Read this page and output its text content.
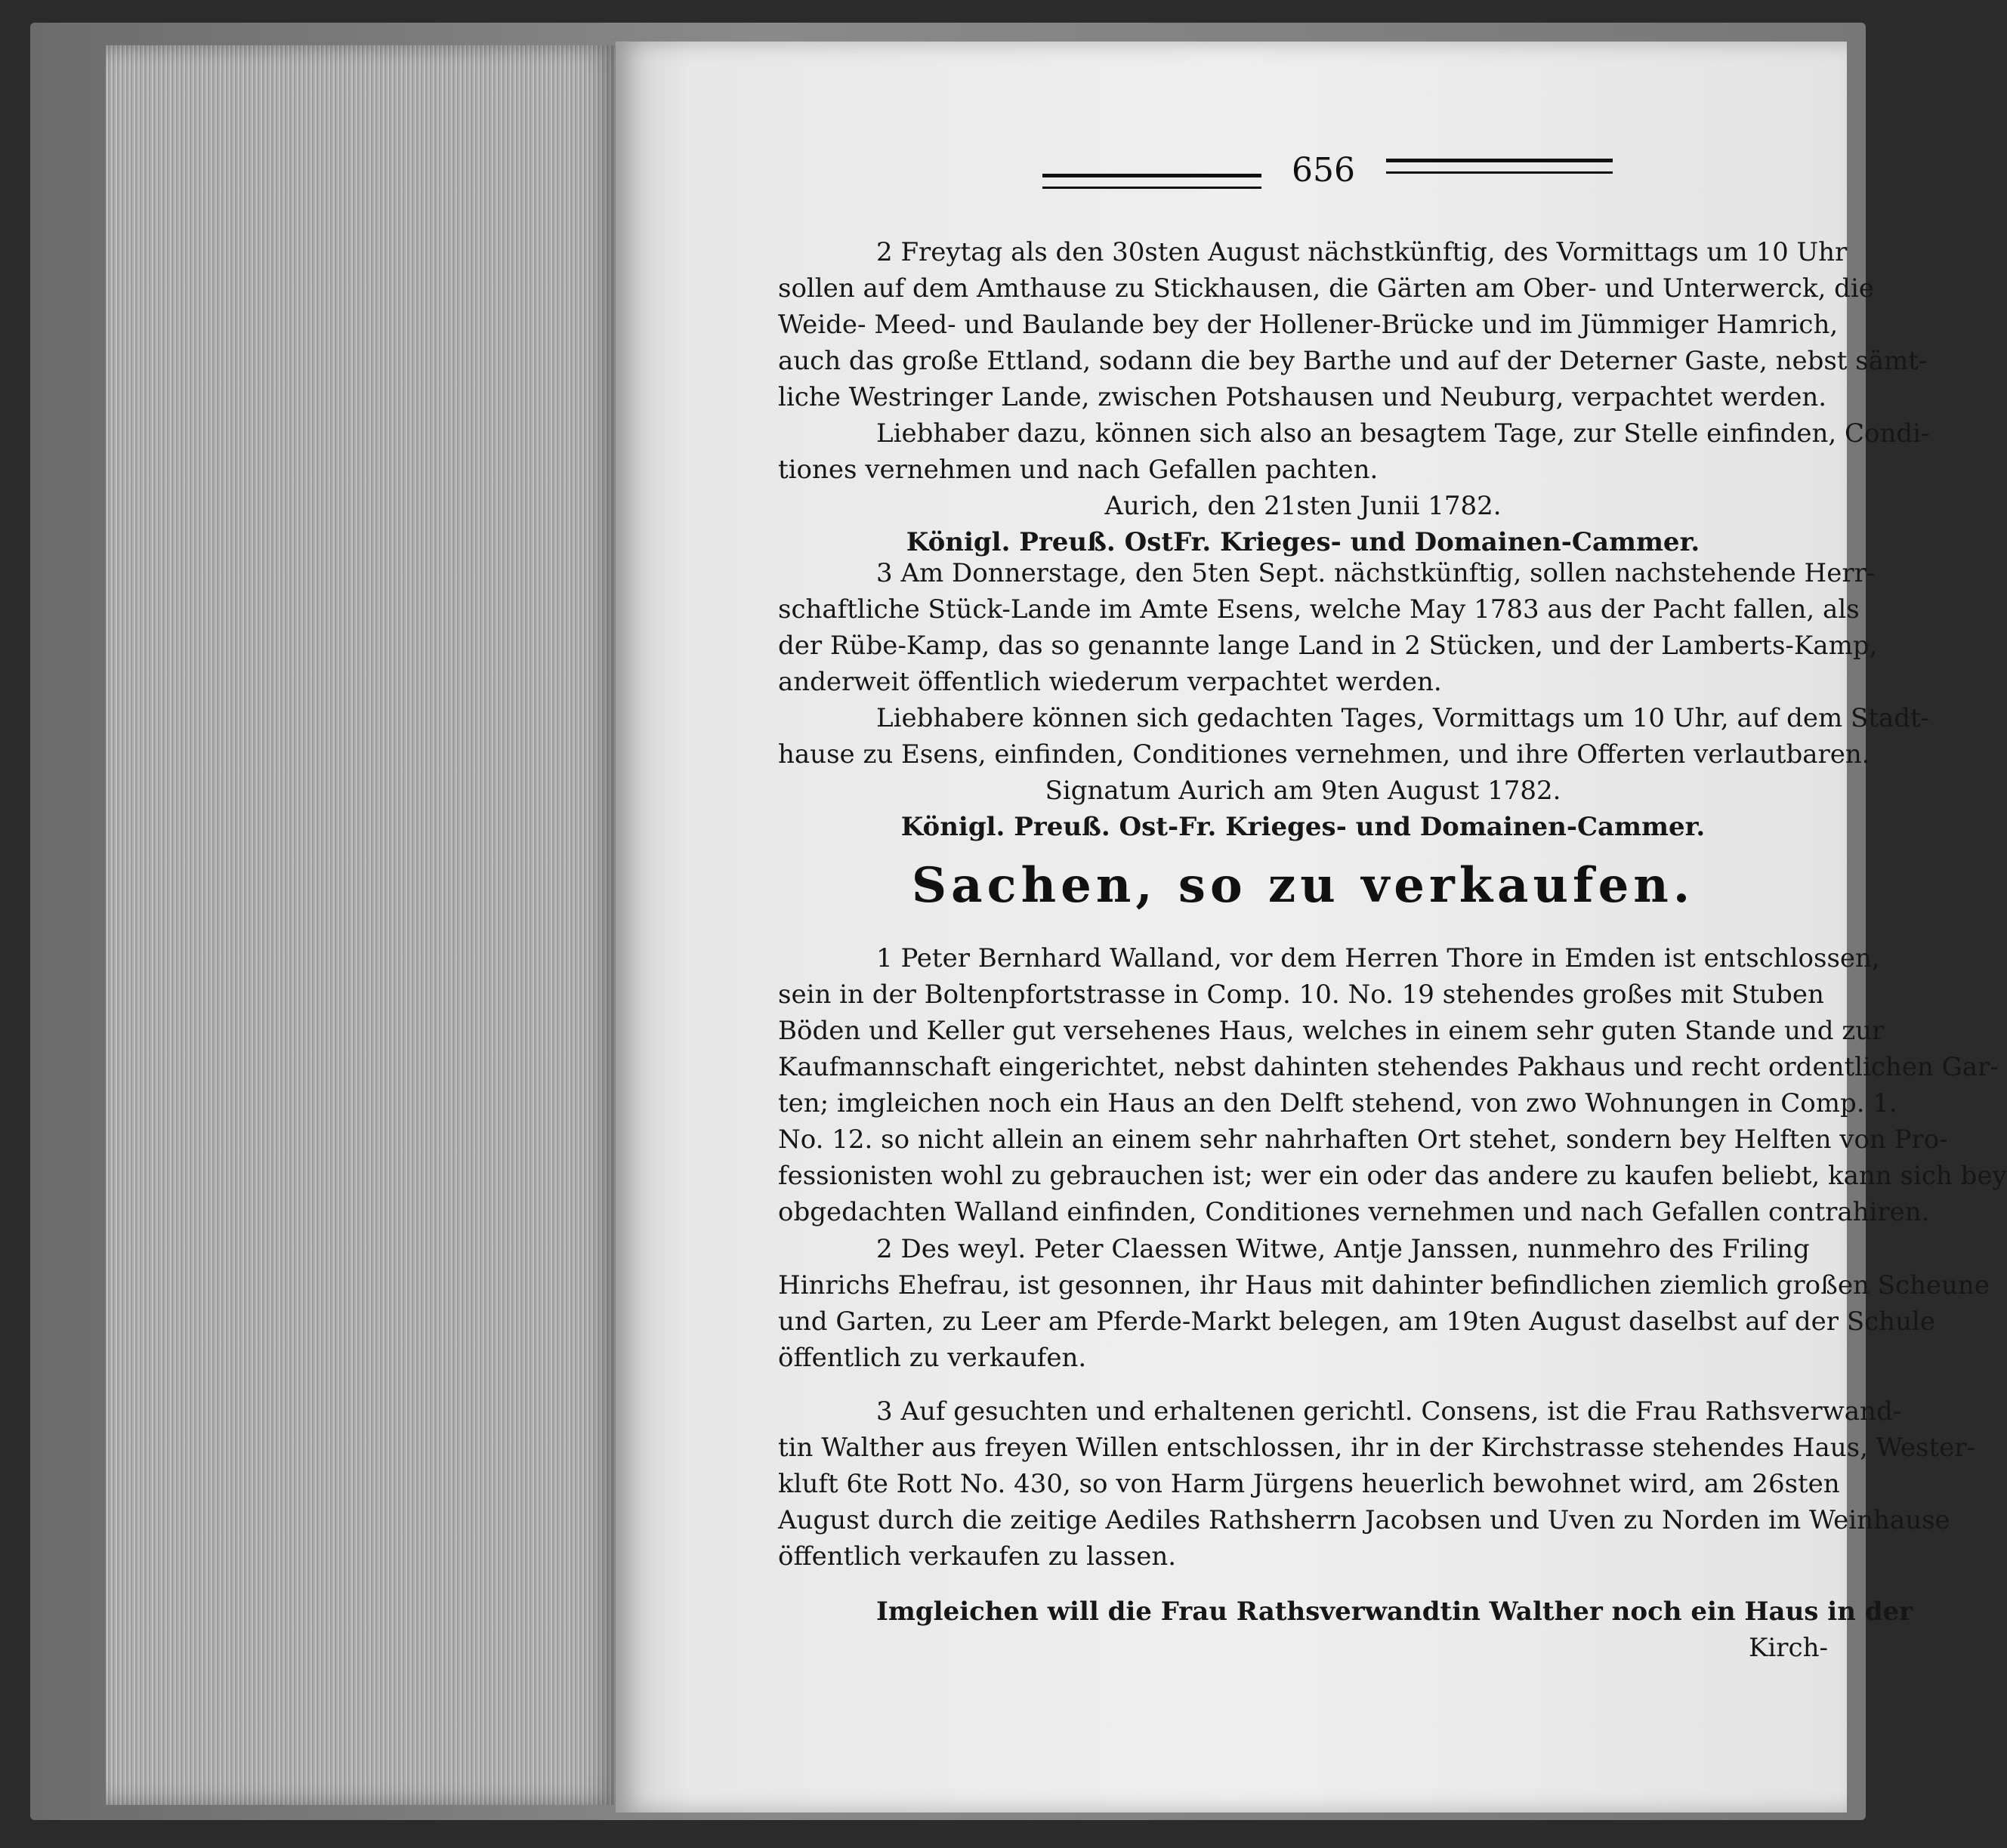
656
2 Freytag als den 30sten August nächstkünftig, des Vormittags um 10 Uhr
sollen auf dem Amthause zu Stickhausen, die Gärten am Ober- und Unterwerck, die
Weide- Meed- und Baulande bey der Hollener-Brücke und im Jümmiger Hamrich,
auch das große Ettland, sodann die bey Barthe und auf der Deterner Gaste, nebst sämt-
liche Westringer Lande, zwischen Potshausen und Neuburg, verpachtet werden.
Liebhaber dazu, können sich also an besagtem Tage, zur Stelle einfinden, Condi-
tiones vernehmen und nach Gefallen pachten.
Aurich, den 21sten Junii 1782.
Königl. Preuß. OstFr. Krieges- und Domainen-Cammer.
3 Am Donnerstage, den 5ten Sept. nächstkünftig, sollen nachstehende Herr-
schaftliche Stück-Lande im Amte Esens, welche May 1783 aus der Pacht fallen, als
der Rübe-Kamp, das so genannte lange Land in 2 Stücken, und der Lamberts-Kamp,
anderweit öffentlich wiederum verpachtet werden.
Liebhabere können sich gedachten Tages, Vormittags um 10 Uhr, auf dem Stadt-
hause zu Esens, einfinden, Conditiones vernehmen, und ihre Offerten verlautbaren.
Signatum Aurich am 9ten August 1782.
Königl. Preuß. Ost-Fr. Krieges- und Domainen-Cammer.
Sachen, so zu verkaufen.
1 Peter Bernhard Walland, vor dem Herren Thore in Emden ist entschlossen,
sein in der Boltenpfortstrasse in Comp. 10. No. 19 stehendes großes mit Stuben
Böden und Keller gut versehenes Haus, welches in einem sehr guten Stande und zur
Kaufmannschaft eingerichtet, nebst dahinten stehendes Pakhaus und recht ordentlichen Gar-
ten; imgleichen noch ein Haus an den Delft stehend, von zwo Wohnungen in Comp. 1.
No. 12. so nicht allein an einem sehr nahrhaften Ort stehet, sondern bey Helften von Pro-
fessionisten wohl zu gebrauchen ist; wer ein oder das andere zu kaufen beliebt, kann sich bey
obgedachten Walland einfinden, Conditiones vernehmen und nach Gefallen contrahiren.
2 Des weyl. Peter Claessen Witwe, Antje Janssen, nunmehro des Friling
Hinrichs Ehefrau, ist gesonnen, ihr Haus mit dahinter befindlichen ziemlich großen Scheune
und Garten, zu Leer am Pferde-Markt belegen, am 19ten August daselbst auf der Schule
öffentlich zu verkaufen.
3 Auf gesuchten und erhaltenen gerichtl. Consens, ist die Frau Rathsverwand-
tin Walther aus freyen Willen entschlossen, ihr in der Kirchstrasse stehendes Haus, Wester-
kluft 6te Rott No. 430, so von Harm Jürgens heuerlich bewohnet wird, am 26sten
August durch die zeitige Aediles Rathsherrn Jacobsen und Uven zu Norden im Weinhause
öffentlich verkaufen zu lassen.
Imgleichen will die Frau Rathsverwandtin Walther noch ein Haus in der
Kirch-
